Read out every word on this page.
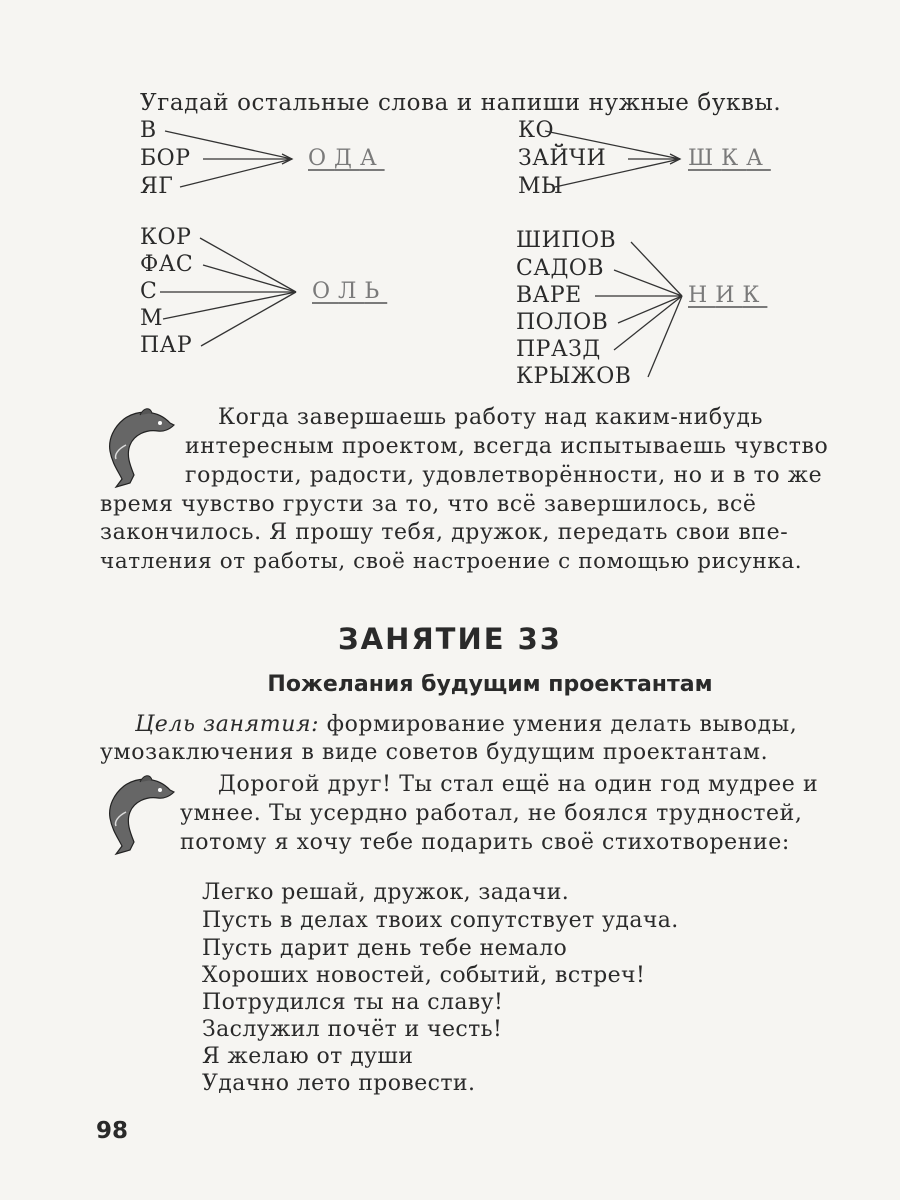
Угадай остальные слова и напиши нужные буквы.
В
БОР
ЯГ
ОДА
КО
ЗАЙЧИ
МЫ
ШКА
КОР
ФАС
С
М
ПАР
ОЛЬ
ШИПОВ
САДОВ
ВАРЕ
ПОЛОВ
ПРАЗД
КРЫЖОВ
НИК
Когда завершаешь работу над каким-нибудь
интересным проектом, всегда испытываешь чувство
гордости, радости, удовлетворённости, но и в то же
время чувство грусти за то, что всё завершилось, всё
закончилось. Я прошу тебя, дружок, передать свои впе-
чатления от работы, своё настроение с помощью рисунка.
ЗАНЯТИЕ 33
Пожелания будущим проектантам
Цель занятия: формирование умения делать выводы,
умозаключения в виде советов будущим проектантам.
Дорогой друг! Ты стал ещё на один год мудрее и
умнее. Ты усердно работал, не боялся трудностей,
потому я хочу тебе подарить своё стихотворение:
Легко решай, дружок, задачи.
Пусть в делах твоих сопутствует удача.
Пусть дарит день тебе немало
Хороших новостей, событий, встреч!
Потрудился ты на славу!
Заслужил почёт и честь!
Я желаю от души
Удачно лето провести.
98
